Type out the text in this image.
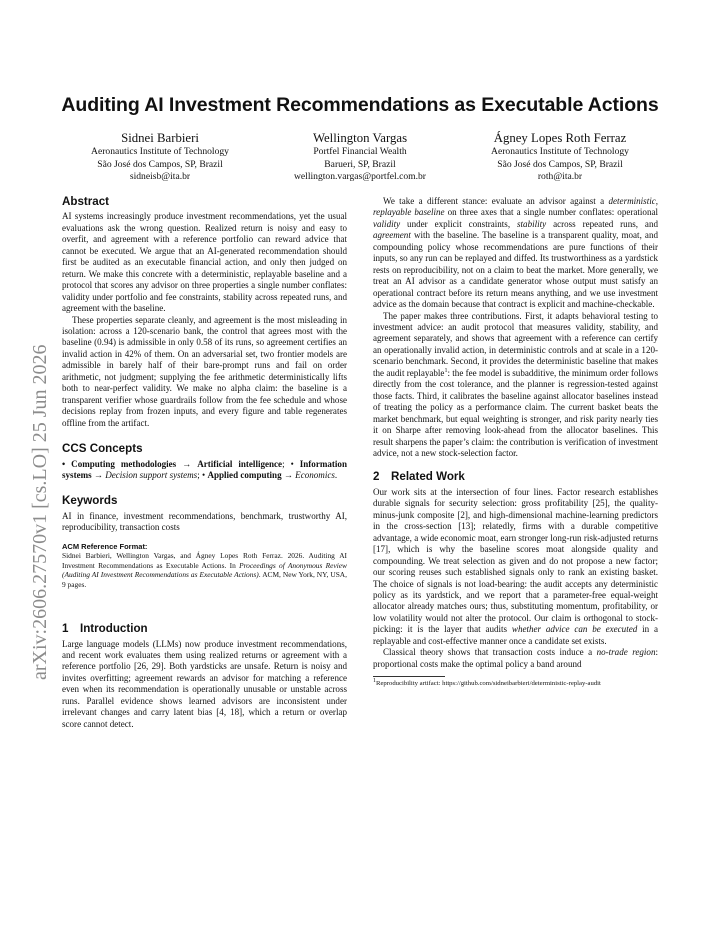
arXiv:2606.27570v1 [cs.LO] 25 Jun 2026
Auditing AI Investment Recommendations as Executable Actions
Sidnei Barbieri
Aeronautics Institute of Technology
São José dos Campos, SP, Brazil
sidneisb@ita.br
Wellington Vargas
Portfel Financial Wealth
Barueri, SP, Brazil
wellington.vargas@portfel.com.br
Ágney Lopes Roth Ferraz
Aeronautics Institute of Technology
São José dos Campos, SP, Brazil
roth@ita.br
Abstract

AI systems increasingly produce investment recommendations, yet the usual evaluations ask the wrong question. Realized return is noisy and easy to overfit, and agreement with a reference portfolio can reward advice that cannot be executed. We argue that an AI-generated recommendation should first be audited as an executable financial action, and only then judged on return. We make this concrete with a deterministic, replayable baseline and a protocol that scores any advisor on three properties a single number conflates: validity under portfolio and fee constraints, stability across repeated runs, and agreement with the baseline.

These properties separate cleanly, and agreement is the most misleading in isolation: across a 120-scenario bank, the control that agrees most with the baseline (0.94) is admissible in only 0.58 of its runs, so agreement certifies an invalid action in 42% of them. On an adversarial set, two frontier models are admissible in barely half of their bare-prompt runs and fail on order arithmetic, not judgment; supplying the fee arithmetic deterministically lifts both to near-perfect validity. We make no alpha claim: the baseline is a transparent verifier whose guardrails follow from the fee schedule and whose decisions replay from frozen inputs, and every figure and table regenerates offline from the artifact.

CCS Concepts

• Computing methodologies → Artificial intelligence; • Information systems → Decision support systems; • Applied computing → Economics.

Keywords

AI in finance, investment recommendations, benchmark, trustworthy AI, reproducibility, transaction costs

ACM Reference Format:

Sidnei Barbieri, Wellington Vargas, and Ágney Lopes Roth Ferraz. 2026. Auditing AI Investment Recommendations as Executable Actions. In Proceedings of Anonymous Review (Auditing AI Investment Recommendations as Executable Actions). ACM, New York, NY, USA, 9 pages.

1 Introduction

Large language models (LLMs) now produce investment recommendations, and recent work evaluates them using realized returns or agreement with a reference portfolio [26, 29]. Both yardsticks are unsafe. Return is noisy and invites overfitting; agreement rewards an advisor for matching a reference even when its recommendation is operationally unusable or unstable across runs. Parallel evidence shows learned advisors are inconsistent under irrelevant changes and carry latent bias [4, 18], which a return or overlap score cannot detect.

We take a different stance: evaluate an advisor against a deterministic, replayable baseline on three axes that a single number conflates: operational validity under explicit constraints, stability across repeated runs, and agreement with the baseline. The baseline is a transparent quality, moat, and compounding policy whose recommendations are pure functions of their inputs, so any run can be replayed and diffed. Its trustworthiness as a yardstick rests on reproducibility, not on a claim to beat the market. More generally, we treat an AI advisor as a candidate generator whose output must satisfy an operational contract before its return means anything, and we use investment advice as the domain because that contract is explicit and machine-checkable.

The paper makes three contributions. First, it adapts behavioral testing to investment advice: an audit protocol that measures validity, stability, and agreement separately, and shows that agreement with a reference can certify an operationally invalid action, in deterministic controls and at scale in a 120-scenario benchmark. Second, it provides the deterministic baseline that makes the audit replayable$^1$: the fee model is subadditive, the minimum order follows directly from the cost tolerance, and the planner is regression-tested against those facts. Third, it calibrates the baseline against allocator baselines instead of treating the policy as a performance claim. The current basket beats the market benchmark, but equal weighting is stronger, and risk parity nearly ties it on Sharpe after removing look-ahead from the allocator baselines. This result sharpens the paper’s claim: the contribution is verification of investment advice, not a new stock-selection factor.

2 Related Work

Our work sits at the intersection of four lines. Factor research establishes durable signals for security selection: gross profitability [25], the quality-minus-junk composite [2], and high-dimensional machine-learning predictors in the cross-section [13]; relatedly, firms with a durable competitive advantage, a wide economic moat, earn stronger long-run risk-adjusted returns [17], which is why the baseline scores moat alongside quality and compounding. We treat selection as given and do not propose a new factor; our scoring reuses such established signals only to rank an existing basket. The choice of signals is not load-bearing: the audit accepts any deterministic policy as its yardstick, and we report that a parameter-free equal-weight allocator already matches ours; thus, substituting momentum, profitability, or low volatility would not alter the protocol. Our claim is orthogonal to stock-picking: it is the layer that audits whether advice can be executed in a replayable and cost-effective manner once a candidate set exists.

Classical theory shows that transaction costs induce a no-trade region: proportional costs make the optimal policy a band around

$^1$Reproducibility artifact: https://github.com/sidneibarbieri/deterministic-replay-audit
